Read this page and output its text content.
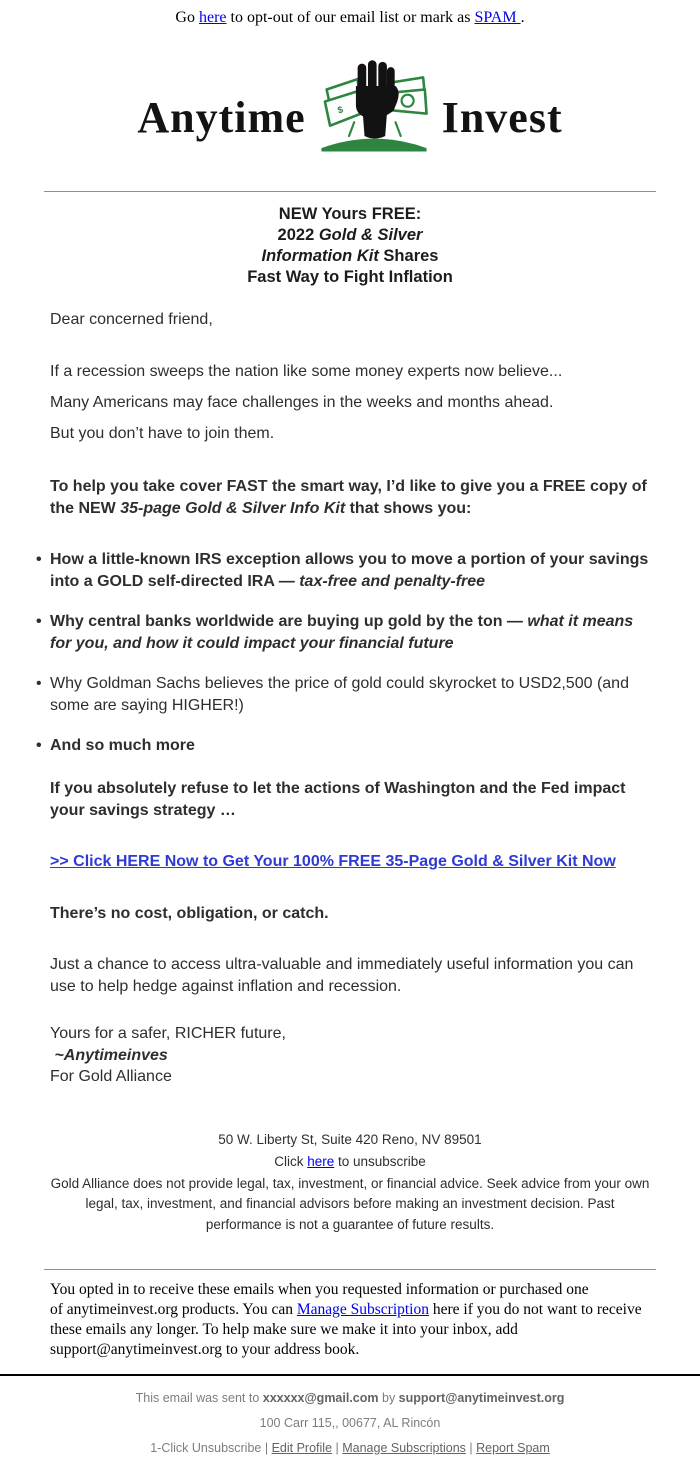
Go here to opt-out of our email list or mark as SPAM .

Anytime	$ Invest
NEW Yours FREE:
2022 Gold & Silver
Information Kit Shares
Fast Way to Fight Inflation

Dear concerned friend,

If a recession sweeps the nation like some money experts now believe...

Many Americans may face challenges in the weeks and months ahead.

But you don’t have to join them.

To help you take cover FAST the smart way, I’d like to give you a FREE copy of the NEW 35-page Gold & Silver Info Kit that shows you:

• How a little-known IRS exception allows you to move a portion of your savings into a GOLD self-directed IRA — tax-free and penalty-free
• Why central banks worldwide are buying up gold by the ton — what it means for you, and how it could impact your financial future
• Why Goldman Sachs believes the price of gold could skyrocket to USD2,500 (and some are saying HIGHER!)
• And so much more

If you absolutely refuse to let the actions of Washington and the Fed impact your savings strategy …

>> Click HERE Now to Get Your 100% FREE 35-Page Gold & Silver Kit Now

There’s no cost, obligation, or catch.

Just a chance to access ultra-valuable and immediately useful information you can use to help hedge against inflation and recession.

Yours for a safer, RICHER future,
~Anytimeinves
For Gold Alliance

50 W. Liberty St, Suite 420 Reno, NV 89501

Click here to unsubscribe

Gold Alliance does not provide legal, tax, investment, or financial advice. Seek advice from your own legal, tax, investment, and financial advisors before making an investment decision. Past performance is not a guarantee of future results.

You opted in to receive these emails when you requested information or purchased one
of anytimeinvest.org products. You can Manage Subscription here if you do not want to receive these emails any longer. To help make sure we make it into your inbox, add support@anytimeinvest.org to your address book.

This email was sent to xxxxxx@gmail.com by support@anytimeinvest.org

100 Carr 115,, 00677, AL Rincón

1-Click Unsubscribe | Edit Profile | Manage Subscriptions | Report Spam
